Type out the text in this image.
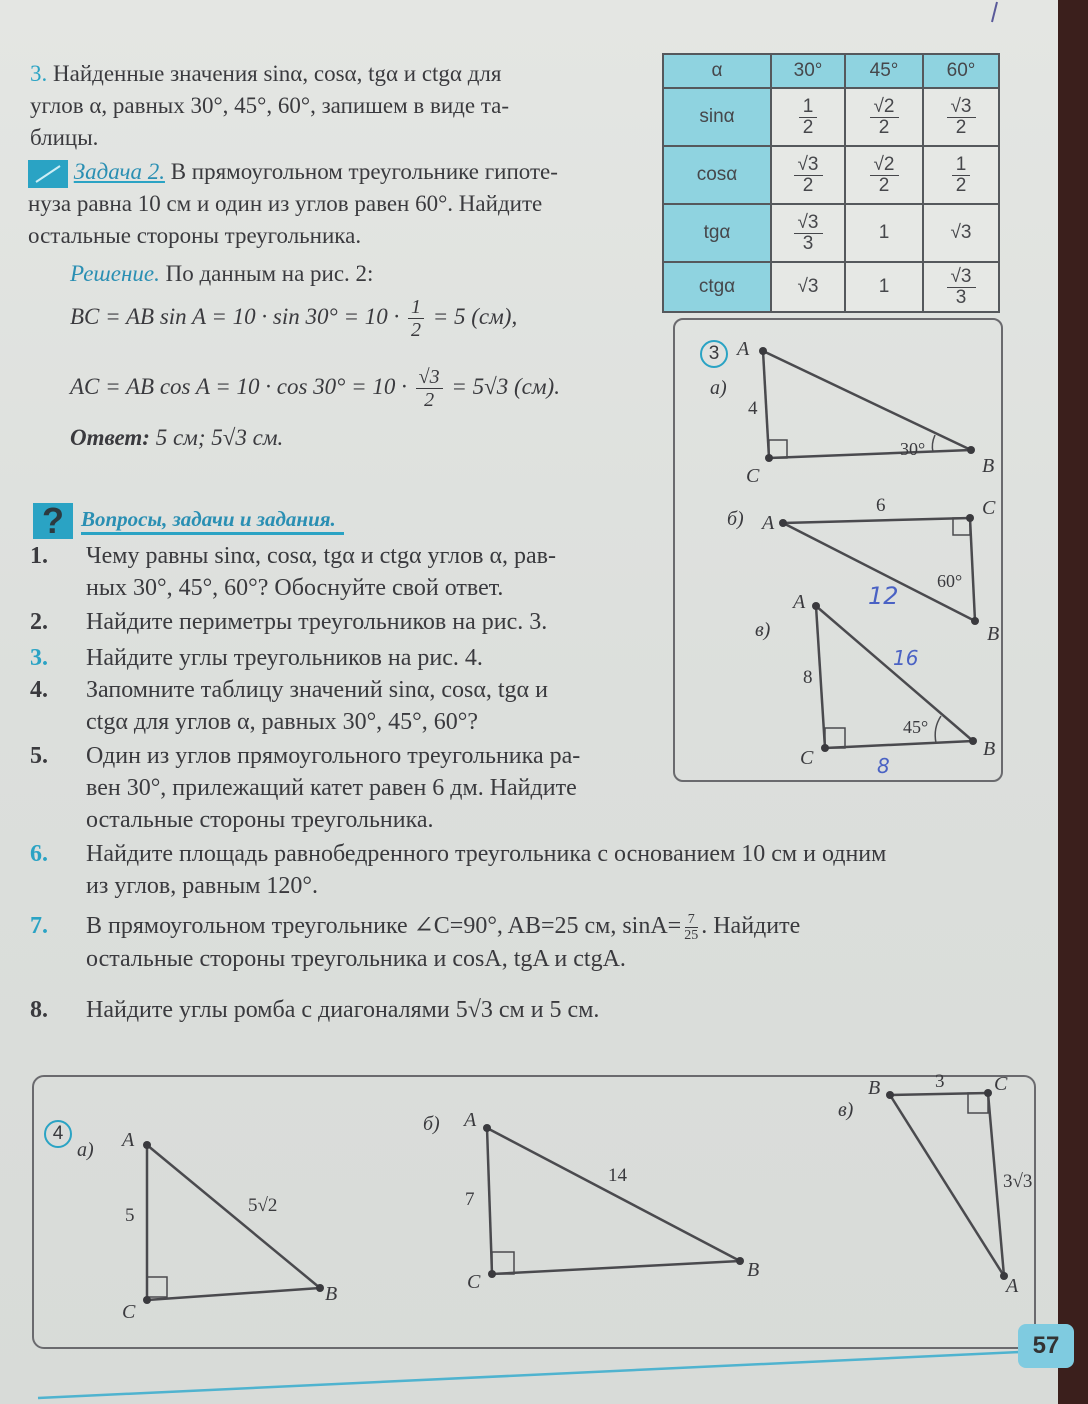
3. Найденные значения sinα, cosα, tgα и ctgα для
углов α, равных 30°, 45°, 60°, запишем в виде та-
блицы.
Задача 2. В прямоугольном треугольнике гипоте-
нуза равна 10 см и один из углов равен 60°. Найдите
остальные стороны треугольника.
Решение. По данным на рис. 2:
BC = AB $\sin A = 10 \cdot \sin 30^\circ = 10 \cdot \frac{1}{2} = 5$ (см),
AC = AB $\cos A = 10 \cdot \cos 30^\circ = 10 \cdot \frac{√3}{2} = 5√3$ (см).
Ответ: 5 см; 5√3 см.
α	30°	45°	60°
sinα	$\frac{1}{2}$	$\frac{√2}{2}$	$\frac{√3}{2}$

cosα	$\frac{√3}{2}$	$\frac{√2}{2}$	$\frac{1}{2}$

tgα	$\frac{√3}{3}$	1	√3
ctgα	√3	1	$\frac{√3}{3}$
3 A
а)
4
30°
C	B
б) A
6	C
60°
12
B
A
в)
8
16
45°
C	B
8
? Вопросы, задачи и задания.
1.	Чему равны sinα, cosα, tgα и ctgα углов α, рав-
ных 30°, 45°, 60°? Обоснуйте свой ответ.
2.	Найдите периметры треугольников на рис. 3.
3.	Найдите углы треугольников на рис. 4.
4.	Запомните таблицу значений sinα, cosα, tgα и
ctgα для углов α, равных 30°, 45°, 60°?
5.	Один из углов прямоугольного треугольника ра-
вен 30°, прилежащий катет равен 6 дм. Найдите
остальные стороны треугольника.
6.	Найдите площадь равнобедренного треугольника с основанием 10 см и одним
из углов, равным 120°.
7.	В прямоугольном треугольнике ∠C=90°, AB=25 см, $\sin A= \frac{7}{25}$ . Найдите
остальные стороны треугольника и cosA, tgA и ctgA.
8.	Найдите углы ромба с диагоналями 5√3 см и 5 см.
4
а) A
5	5√2
C
B
б) A
7
14
C
B
в)
B	3 C
3√3
A
57
